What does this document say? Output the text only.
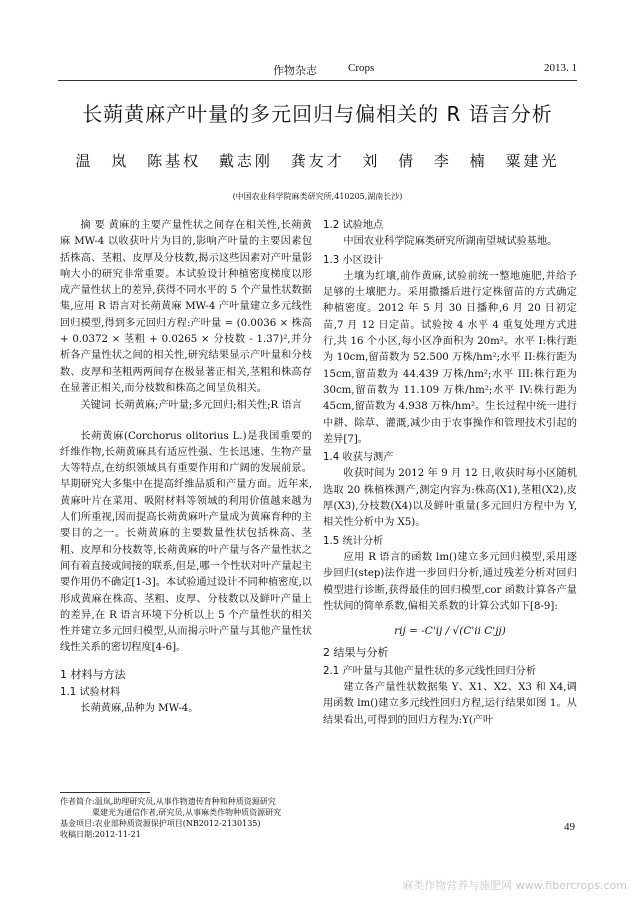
作物杂志	Crops	2013. 1
长蒴黄麻产叶量的多元回归与偏相关的 R 语言分析
温 岚 陈基权 戴志刚 龚友才 刘 倩 李 楠 粟建光
(中国农业科学院麻类研究所,410205,湖南长沙)

摘 要 黄麻的主要产量性状之间存在相关性,长蒴黄麻 MW-4 以收获叶片为目的,影响产叶量的主要因素包括株高、茎粗、皮厚及分枝数,揭示这些因素对产叶量影响大小的研究非常重要。本试验设计种植密度梯度以形成产量性状上的差异,获得不同水平的 5 个产量性状数据集,应用 R 语言对长蒴黄麻 MW-4 产叶量建立多元线性回归模型,得到多元回归方程:产叶量 = (0.0036 × 株高 + 0.0372 × 茎粗 + 0.0265 × 分枝数 - 1.37)²,并分析各产量性状之间的相关性,研究结果显示产叶量和分枝数、皮厚和茎粗两两间存在极显著正相关,茎粗和株高存在显著正相关,而分枝数和株高之间呈负相关。

关键词 长蒴黄麻;产叶量;多元回归;相关性;R 语言

长蒴黄麻(Corchorus olitorius L.)是我国重要的纤维作物,长蒴黄麻具有适应性强、生长迅速、生物产量大等特点,在纺织领域具有重要作用和广阔的发展前景。早期研究大多集中在提高纤维品质和产量方面。近年来,黄麻叶片在菜用、吸附材料等领域的利用价值越来越为人们所重视,因而提高长蒴黄麻叶产量成为黄麻育种的主要目的之一。长蒴黄麻的主要数量性状包括株高、茎粗、皮厚和分枝数等,长蒴黄麻的叶产量与各产量性状之间有着直接或间接的联系,但是,哪一个性状对叶产量起主要作用仍不确定[1-3]。本试验通过设计不同种植密度,以形成黄麻在株高、茎粗、皮厚、分枝数以及鲜叶产量上的差异,在 R 语言环境下分析以上 5 个产量性状的相关性并建立多元回归模型,从而揭示叶产量与其他产量性状线性关系的密切程度[4-6]。

1 材料与方法
1.1 试验材料

长蒴黄麻,品种为 MW-4。

1.2 试验地点

中国农业科学院麻类研究所湖南望城试验基地。

1.3 小区设计

土壤为红壤,前作黄麻,试验前统一整地施肥,并给予足够的土壤肥力。采用撒播后进行定株留苗的方式确定种植密度。2012 年 5 月 30 日播种,6 月 20 日初定苗,7 月 12 日定苗。试验按 4 水平 4 重复处理方式进行,共 16 个小区,每小区净面积为 20m²。水平 I:株行距为 10cm,留苗数为 52.500 万株/hm²;水平 II:株行距为 15cm,留苗数为 44.439 万株/hm²;水平 III:株行距为 30cm,留苗数为 11.109 万株/hm²;水平 IV:株行距为 45cm,留苗数为 4.938 万株/hm²。生长过程中统一进行中耕、除草、灌溉,减少由于农事操作和管理技术引起的差异[7]。

1.4 收获与测产

收获时间为 2012 年 9 月 12 日,收获时每小区随机选取 20 株植株测产,测定内容为:株高(X1),茎粗(X2),皮厚(X3),分枝数(X4)以及鲜叶重量(多元回归方程中为 Y,相关性分析中为 X5)。

1.5 统计分析

应用 R 语言的函数 lm()建立多元回归模型,采用逐步回归(step)法作进一步回归分析,通过残差分析对回归模型进行诊断,获得最佳的回归模型,cor 函数计算各产量性状间的简单系数,偏相关系数的计算公式如下[8-9]:

rij = -C'ij / √(C'ii C'jj)
2 结果与分析
2.1 产叶量与其他产量性状的多元线性回归分析

建立各产量性状数据集 Y、X1、X2、X3 和 X4,调用函数 lm()建立多元线性回归方程,运行结果如图 1。从结果看出,可得到的回归方程为:Y(产叶

作者简介:温岚,助理研究员,从事作物遗传育种和种质资源研究
粟建光为通信作者,研究员,从事麻类作物种质资源研究
基金项目:农业部种质资源保护项目(NB2012-2130135)
收稿日期:2012-11-21
49
麻类作物营养与施肥网 www.fibercrops.com
